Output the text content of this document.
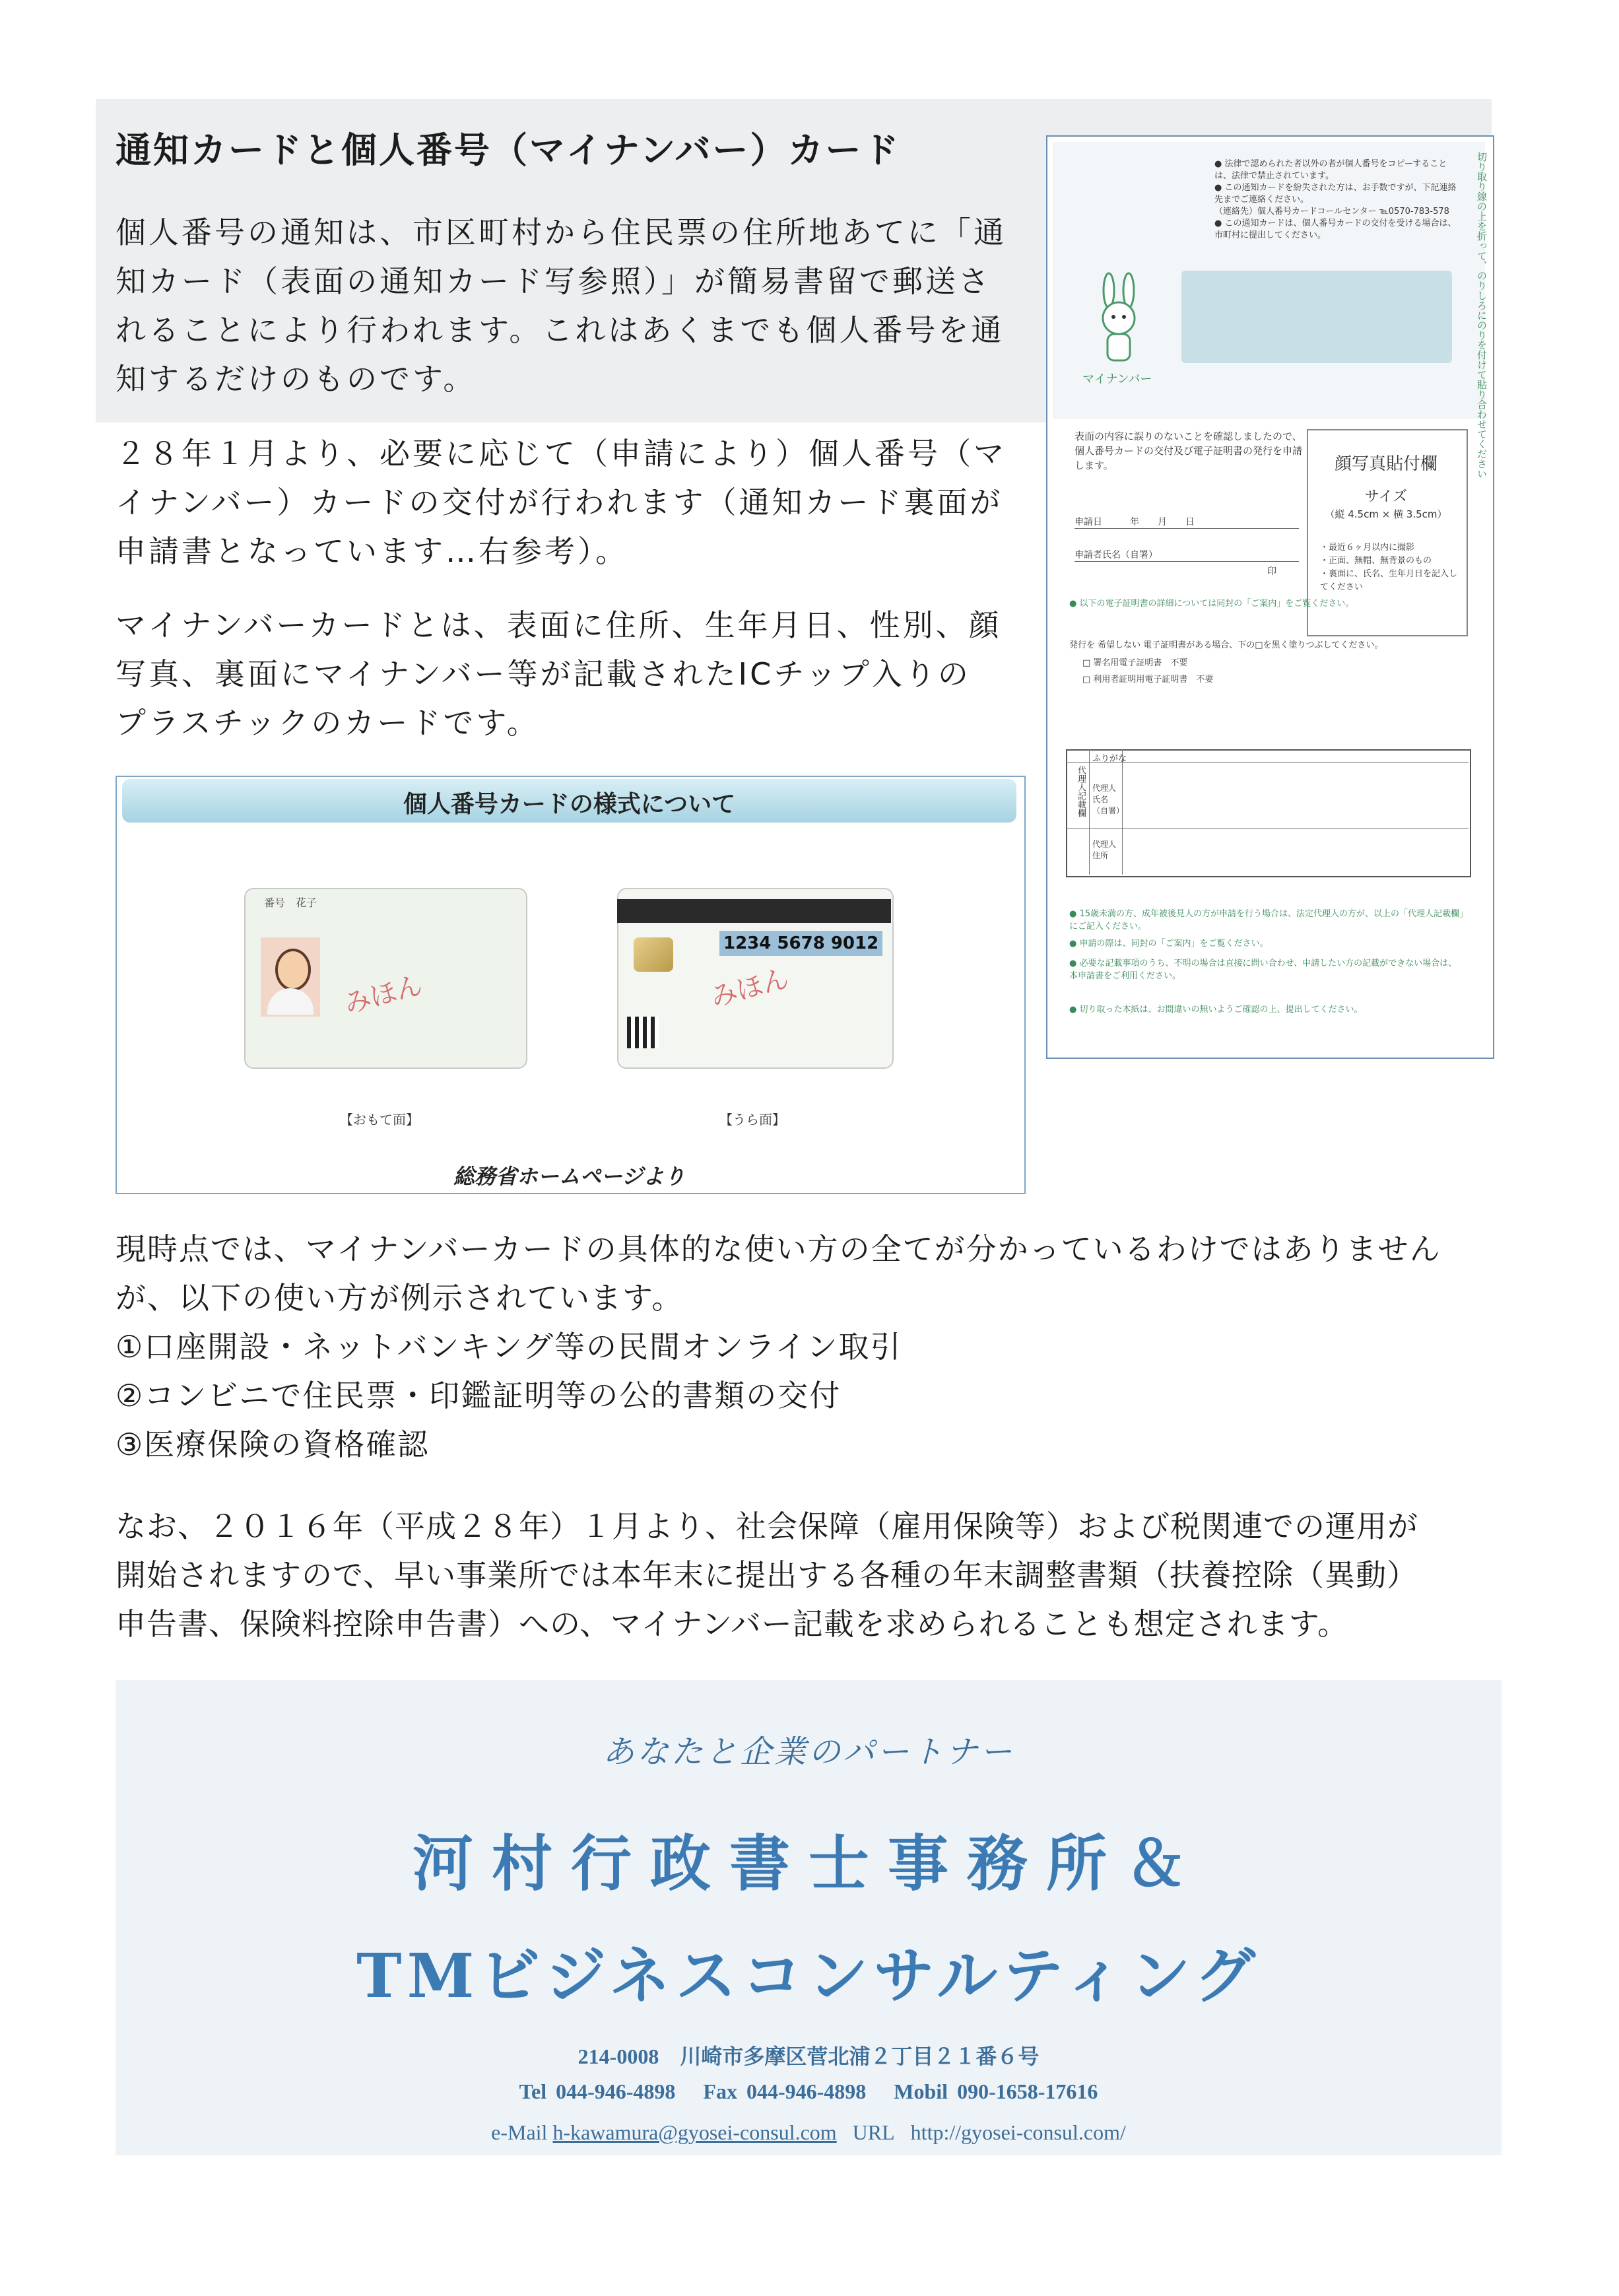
通知カードと個人番号（マイナンバー）カード
個人番号の通知は、市区町村から住民票の住所地あてに「通
知カード（表面の通知カード写参照）」が簡易書留で郵送さ
れることにより行われます。これはあくまでも個人番号を通
知するだけのものです。
２８年１月より、必要に応じて（申請により）個人番号（マ
イナンバー）カードの交付が行われます（通知カード裏面が
申請書となっています…右参考）。
マイナンバーカードとは、表面に住所、生年月日、性別、顔
写真、裏面にマイナンバー等が記載されたICチップ入りの
プラスチックのカードです。
● 法律で認められた者以外の者が個人番号をコピーすることは、法律で禁止されています。
● この通知カードを紛失された方は、お手数ですが、下記連絡先までご連絡ください。
（連絡先）個人番号カードコールセンター ℡0570-783-578
● この通知カードは、個人番号カードの交付を受ける場合は、市町村に提出してください。
マイナンバー	切り取り線の上を折って、のりしろにのりを付けて貼り合わせてください
表面の内容に誤りのないことを確認しましたので、個人番号カードの交付及び電子証明書の発行を申請します。	顔写真貼付欄
サイズ
（縦 4.5cm × 横 3.5cm）
・最近６ヶ月以内に撮影
・正面、無帽、無背景のもの
・裏面に、氏名、生年月日を記入してください
申請日　　　年　　月　　日
申請者氏名（自署）
印
● 以下の電子証明書の詳細については同封の「ご案内」をご覧ください。
発行を 希望しない 電子証明書がある場合、下の□を黒く塗りつぶしてください。
□ 署名用電子証明書　不要
□ 利用者証明用電子証明書　不要
代理人記載欄
ふりがな
代理人氏名（自署）
代理人住所
● 15歳未満の方、成年被後見人の方が申請を行う場合は、法定代理人の方が、以上の「代理人記載欄」にご記入ください。
● 申請の際は、同封の「ご案内」をご覧ください。
● 必要な記載事項のうち、不明の場合は直接に問い合わせ、申請したい方の記載ができない場合は、本申請書をご利用ください。
● 切り取った本紙は、お間違いの無いようご確認の上、提出してください。
個人番号カードの様式について
番号　花子
みほん
1234 5678 9012
みほん
【おもて面】	【うら面】
総務省ホームページより
現時点では、マイナンバーカードの具体的な使い方の全てが分かっているわけではありません
が、以下の使い方が例示されています。
①口座開設・ネットバンキング等の民間オンライン取引
②コンビニで住民票・印鑑証明等の公的書類の交付
③医療保険の資格確認
なお、２０１６年（平成２８年）１月より、社会保障（雇用保険等）および税関連での運用が
開始されますので、早い事業所では本年末に提出する各種の年末調整書類（扶養控除（異動）
申告書、保険料控除申告書）への、マイナンバー記載を求められることも想定されます。
あなたと企業のパートナー
河村行政書士事務所＆
TMビジネスコンサルティング
214-0008　川崎市多摩区菅北浦２丁目２１番６号
Tel 044-946-4898 Fax 044-946-4898 Mobil 090-1658-17616
e-Mail h-kawamura@gyosei-consul.com URL http://gyosei-consul.com/
